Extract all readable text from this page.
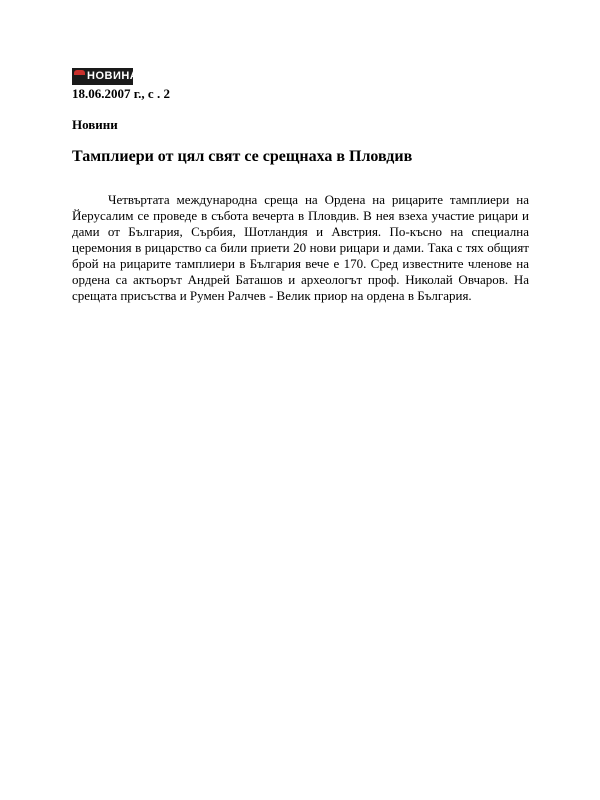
НОВИНАР
18.06.2007 г., с . 2
Новини
Тамплиери от цял свят се срещнаха в Пловдив

Четвъртата международна среща на Ордена на рицарите тамплиери на Йерусалим се проведе в събота вечерта в Пловдив. В нея взеха участие рицари и дами от България, Сърбия, Шотландия и Австрия. По-късно на специална церемония в рицарство са били приети 20 нови рицари и дами. Така с тях общият брой на рицарите тамплиери в България вече е 170. Сред известните членове на ордена са актьорът Андрей Баташов и археологът проф. Николай Овчаров. На срещата присъства и Румен Ралчев - Велик приор на ордена в България.
